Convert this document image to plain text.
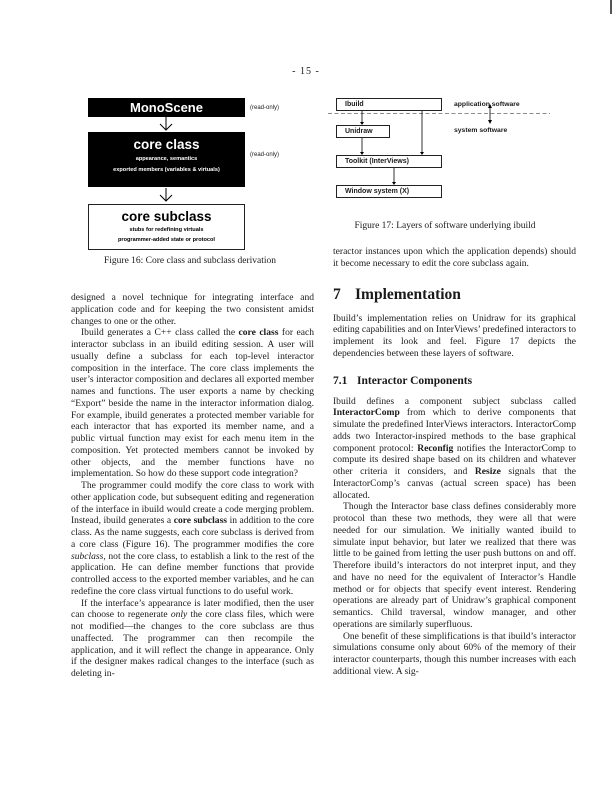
- 15 -
MonoScene
core class
appearance, semantics
exported members (variables & virtuals)
core subclass
stubs for redefining virtuals
programmer-added state or protocol
(read-only)
(read-only)
Figure 16: Core class and subclass derivation
Ibuild
Unidraw
Toolkit (InterViews)
Window system (X)
application software
system software
Figure 17: Layers of software underlying ibuild

designed a novel technique for integrating interface and application code and for keeping the two consistent amidst changes to one or the other.

Ibuild generates a C++ class called the core class for each interactor subclass in an ibuild editing session. A user will usually define a subclass for each top-level interactor composition in the interface. The core class implements the user’s interactor composition and declares all exported member names and functions. The user exports a name by checking “Export” beside the name in the interactor information dialog. For example, ibuild generates a protected member variable for each interactor that has exported its member name, and a public virtual function may exist for each menu item in the composition. Yet protected members cannot be invoked by other objects, and the member functions have no implementation. So how do these support code integration?

The programmer could modify the core class to work with other application code, but subsequent editing and regeneration of the interface in ibuild would create a code merging problem. Instead, ibuild generates a core subclass in addition to the core class. As the name suggests, each core subclass is derived from a core class (Figure 16). The programmer modifies the core subclass, not the core class, to establish a link to the rest of the application. He can define member functions that provide controlled access to the exported member variables, and he can redefine the core class virtual functions to do useful work.

If the interface’s appearance is later modified, then the user can choose to regenerate only the core class files, which were not modified—the changes to the core subclass are thus unaffected. The programmer can then recompile the application, and it will reflect the change in appearance. Only if the designer makes radical changes to the interface (such as deleting in-

teractor instances upon which the application depends) should it become necessary to edit the core subclass again.

7 Implementation

Ibuild’s implementation relies on Unidraw for its graphical editing capabilities and on InterViews’ predefined interactors to implement its look and feel. Figure 17 depicts the dependencies between these layers of software.

7.1 Interactor Components

Ibuild defines a component subject subclass called InteractorComp from which to derive components that simulate the predefined InterViews interactors. InteractorComp adds two Interactor-inspired methods to the base graphical component protocol: Reconfig notifies the InteractorComp to compute its desired shape based on its children and whatever other criteria it considers, and Resize signals that the InteractorComp’s canvas (actual screen space) has been allocated.

Though the Interactor base class defines considerably more protocol than these two methods, they were all that were needed for our simulation. We initially wanted ibuild to simulate input behavior, but later we realized that there was little to be gained from letting the user push buttons on and off. Therefore ibuild’s interactors do not interpret input, and they and have no need for the equivalent of Interactor’s Handle method or for objects that specify event interest. Rendering operations are already part of Unidraw’s graphical component semantics. Child traversal, window manager, and other operations are similarly superfluous.

One benefit of these simplifications is that ibuild’s interactor simulations consume only about 60% of the memory of their interactor counterparts, though this number increases with each additional view. A sig-
